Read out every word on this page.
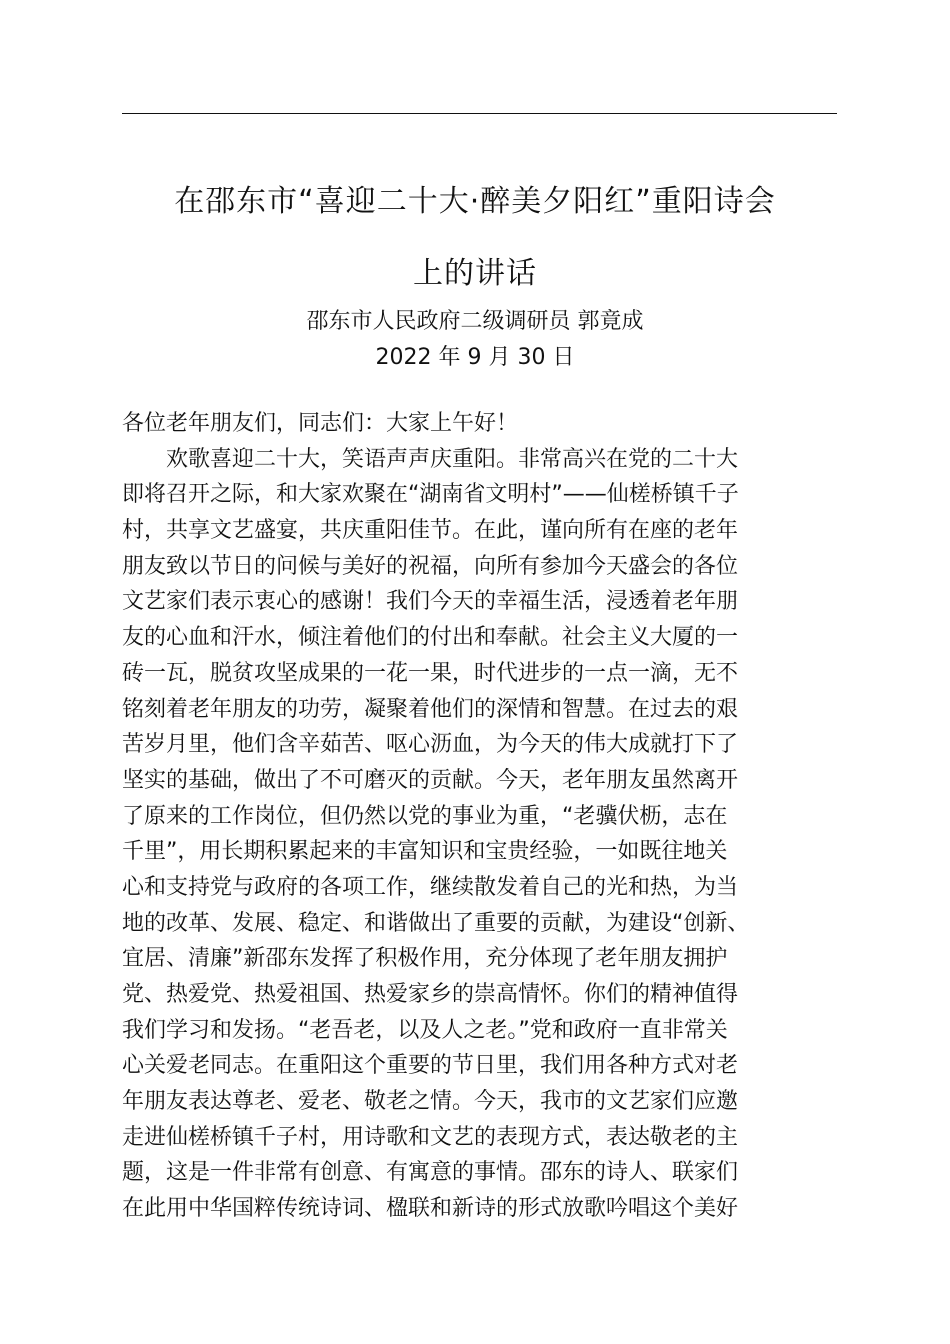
在邵东市“喜迎二十大·醉美夕阳红”重阳诗会
上的讲话
邵东市人民政府二级调研员 郭竟成
2022 年 9 月 30 日
各位老年朋友们，同志们：大家上午好！
　　欢歌喜迎二十大，笑语声声庆重阳。非常高兴在党的二十大
即将召开之际，和大家欢聚在“湖南省文明村”——仙槎桥镇千子
村，共享文艺盛宴，共庆重阳佳节。在此，谨向所有在座的老年
朋友致以节日的问候与美好的祝福，向所有参加今天盛会的各位
文艺家们表示衷心的感谢！我们今天的幸福生活，浸透着老年朋
友的心血和汗水，倾注着他们的付出和奉献。社会主义大厦的一
砖一瓦，脱贫攻坚成果的一花一果，时代进步的一点一滴，无不
铭刻着老年朋友的功劳，凝聚着他们的深情和智慧。在过去的艰
苦岁月里，他们含辛茹苦、呕心沥血，为今天的伟大成就打下了
坚实的基础，做出了不可磨灭的贡献。今天，老年朋友虽然离开
了原来的工作岗位，但仍然以党的事业为重，“老骥伏枥，志在
千里”，用长期积累起来的丰富知识和宝贵经验，一如既往地关
心和支持党与政府的各项工作，继续散发着自己的光和热，为当
地的改革、发展、稳定、和谐做出了重要的贡献，为建设“创新、
宜居、清廉”新邵东发挥了积极作用，充分体现了老年朋友拥护
党、热爱党、热爱祖国、热爱家乡的崇高情怀。你们的精神值得
我们学习和发扬。“老吾老，以及人之老。”党和政府一直非常关
心关爱老同志。在重阳这个重要的节日里，我们用各种方式对老
年朋友表达尊老、爱老、敬老之情。今天，我市的文艺家们应邀
走进仙槎桥镇千子村，用诗歌和文艺的表现方式，表达敬老的主
题，这是一件非常有创意、有寓意的事情。邵东的诗人、联家们
在此用中华国粹传统诗词、楹联和新诗的形式放歌吟唱这个美好
